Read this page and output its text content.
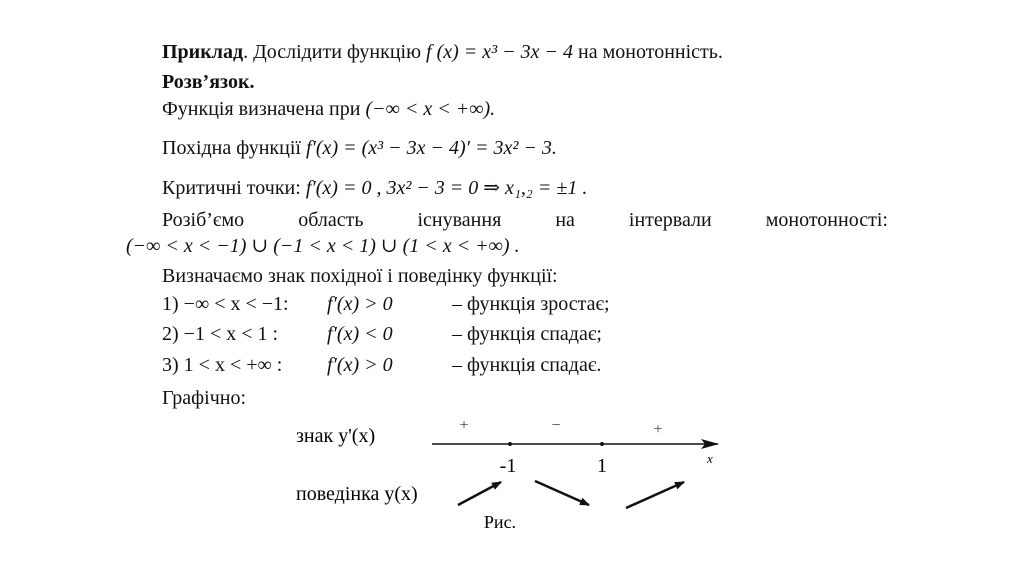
Приклад. Дослідити функцію f (x) = x³ − 3x − 4 на монотонність.
Розв’язок.
Функція визначена при (−∞ < x < +∞).
Похідна функції f′(x) = (x³ − 3x − 4)′ = 3x² − 3.
Критичні точки: f′(x) = 0 , 3x² − 3 = 0 ⇒ x₁,₂ = ±1 .
Розіб’ємо	область	існування	на	інтервали	монотонності:
(−∞ < x < −1) ∪ (−1 < x < 1) ∪ (1 < x < +∞) .
Визначаємо знак похідної і поведінку функції:
1) −∞ < x < −1: f′(x) > 0	– функція зростає;
2) −1 < x < 1 : f′(x) < 0	– функція спадає;
3) 1 < x < +∞ : f′(x) > 0	– функція спадає.
Графічно:
знак y'(x)
поведінка y(x)
+	−	+
-1	1	x
Рис.
